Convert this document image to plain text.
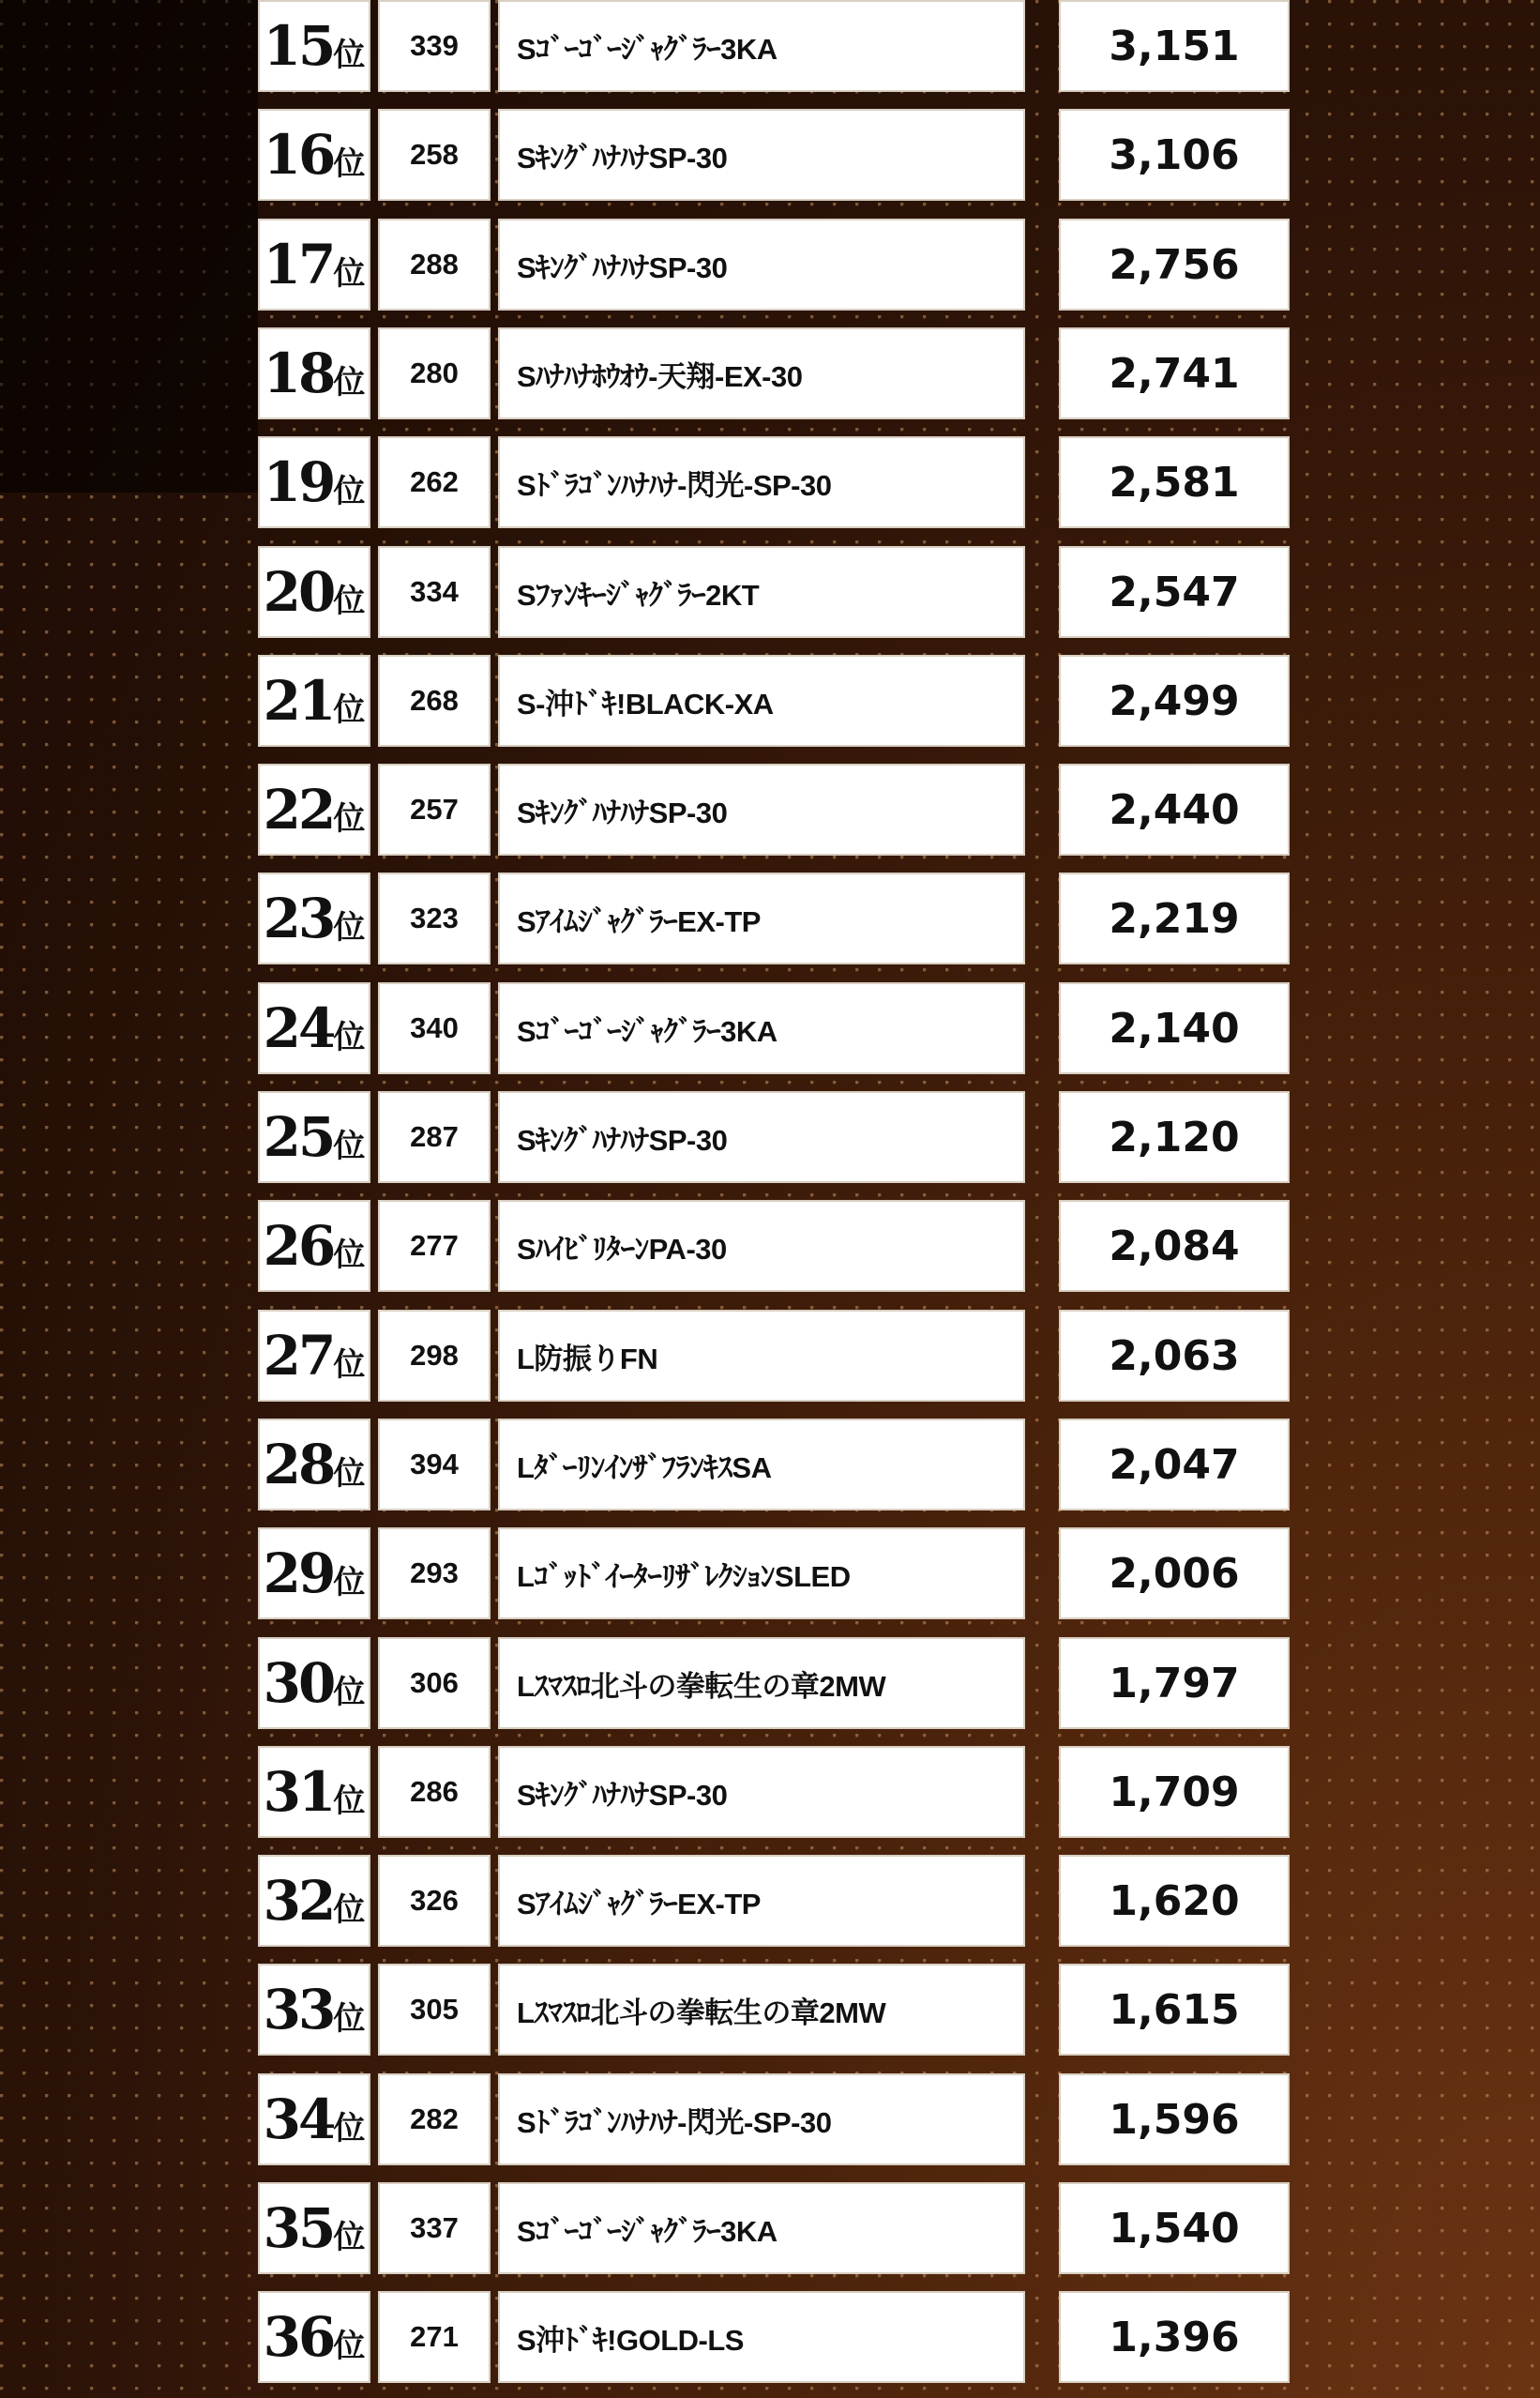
15 位 339 Sｺﾞｰｺﾞｰｼﾞｬｸﾞﾗｰ3KA	3,151
16 位 258 SｷﾝｸﾞﾊﾅﾊﾅSP-30	3,106
17 位 288 SｷﾝｸﾞﾊﾅﾊﾅSP-30	2,756
18 位 280 Sﾊﾅﾊﾅﾎｳｵｳ-天翔-EX-30	2,741
19 位 262 Sﾄﾞﾗｺﾞﾝﾊﾅﾊﾅ-閃光-SP-30	2,581
20 位 334 Sﾌｧﾝｷｰｼﾞｬｸﾞﾗｰ2KT	2,547
21 位 268 S-沖ﾄﾞｷ!BLACK-XA	2,499
22 位 257 SｷﾝｸﾞﾊﾅﾊﾅSP-30	2,440
23 位 323 SｱｲﾑｼﾞｬｸﾞﾗｰEX-TP	2,219
24 位 340 Sｺﾞｰｺﾞｰｼﾞｬｸﾞﾗｰ3KA	2,140
25 位 287 SｷﾝｸﾞﾊﾅﾊﾅSP-30	2,120
26 位 277 SﾊｲﾋﾞﾘﾀｰﾝPA-30	2,084
27 位 298 L防振りFN	2,063
28 位 394 LﾀﾞｰﾘﾝｲﾝｻﾞﾌﾗﾝｷｽSA	2,047
29 位 293 LｺﾞｯﾄﾞｲｰﾀｰﾘｻﾞﾚｸｼｮﾝSLED	2,006
30 位 306 Lｽﾏｽﾛ北斗の拳転生の章2MW	1,797
31 位 286 SｷﾝｸﾞﾊﾅﾊﾅSP-30	1,709
32 位 326 SｱｲﾑｼﾞｬｸﾞﾗｰEX-TP	1,620
33 位 305 Lｽﾏｽﾛ北斗の拳転生の章2MW	1,615
34 位 282 Sﾄﾞﾗｺﾞﾝﾊﾅﾊﾅ-閃光-SP-30	1,596
35 位 337 Sｺﾞｰｺﾞｰｼﾞｬｸﾞﾗｰ3KA	1,540
36 位 271 S沖ﾄﾞｷ!GOLD-LS	1,396
